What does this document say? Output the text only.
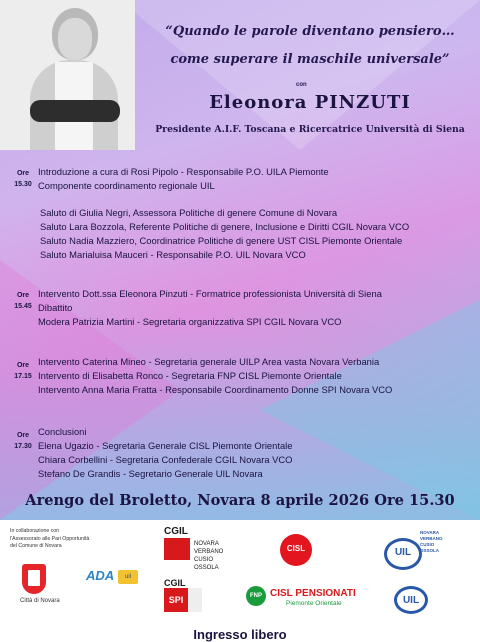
“Quando le parole diventano pensiero…
come superare il maschile universale”
con
Eleonora PINZUTI
Presidente A.I.F. Toscana e Ricercatrice Università di Siena
Ore
15.30
Introduzione a cura di Rosi Pipolo - Responsabile P.O. UILA Piemonte
Componente coordinamento regionale UIL
Saluto di Giulia Negri, Assessora Politiche di genere Comune di Novara
Saluto Lara Bozzola, Referente Politiche di genere, Inclusione e Diritti CGIL Novara VCO
Saluto Nadia Mazziero, Coordinatrice Politiche di genere UST CISL Piemonte Orientale
Saluto Marialuisa Mauceri - Responsabile P.O. UIL Novara VCO
Ore
15.45
Intervento Dott.ssa Eleonora Pinzuti - Formatrice professionista Università di Siena
Dibattito
Modera Patrizia Martini - Segretaria organizzativa SPI CGIL Novara VCO
Ore
17.15
Intervento Caterina Mineo - Segretaria generale UILP Area vasta Novara Verbania
Intervento di Elisabetta Ronco - Segretaria FNP CISL Piemonte Orientale
Intervento Anna Maria Fratta - Responsabile Coordinamento Donne SPI Novara VCO
Ore
17.30
Conclusioni
Elena Ugazio - Segretaria Generale CISL Piemonte Orientale
Chiara Corbellini - Segretaria Confederale CGIL Novara VCO
Stefano De Grandis - Segretario Generale UIL Novara
Arengo del Broletto, Novara 8 aprile 2026 Ore 15.30
In collaborazione con
l'Assessorato alle Pari Opportunità
del Comune di Novara
Città di Novara
ADA	uil
CGIL
NOVARA
VERBANO
CUSIO
OSSOLA
CGIL
SPI
CISL
FNP CISL PENSIONATI
Piemonte Orientale
UIL
NOVARA
VERBANO
CUSIO
OSSOLA
UIL
Ingresso libero
